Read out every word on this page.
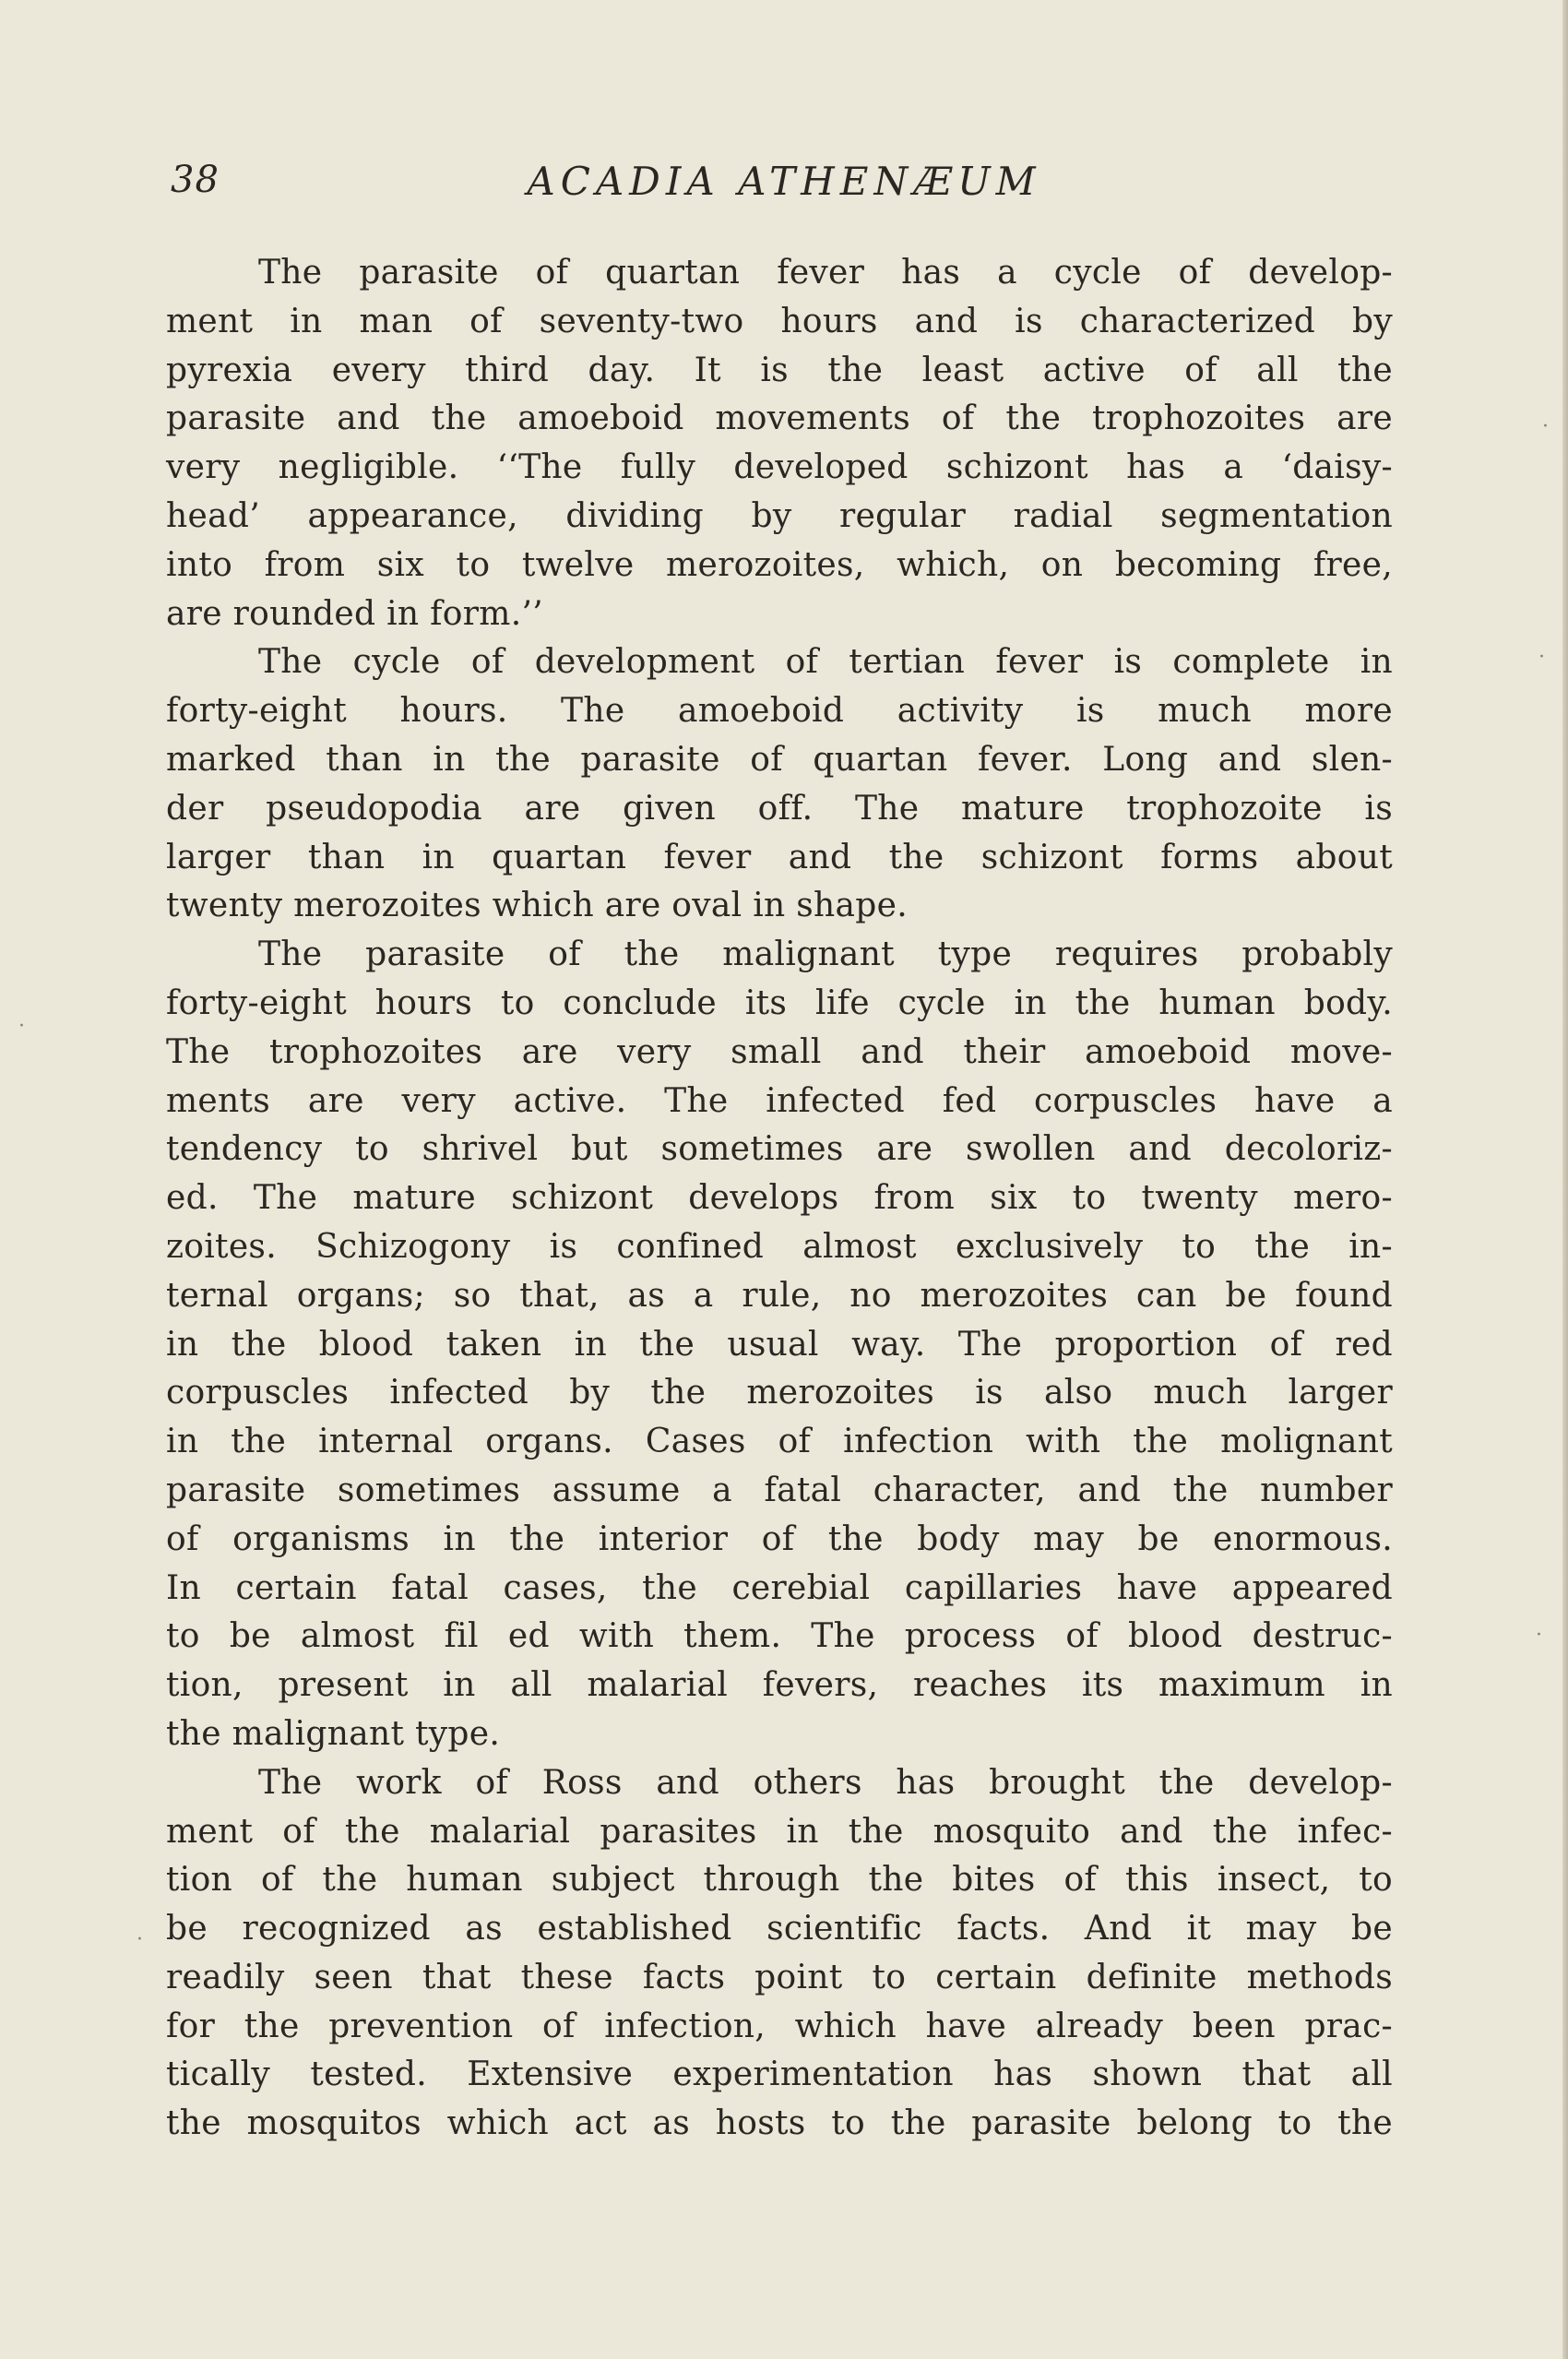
38	ACADIA ATHENÆUM
The parasite of quartan fever has a cycle of develop-
ment in man of seventy-two hours and is characterized by
pyrexia every third day. It is the least active of all the
parasite and the amoeboid movements of the trophozoites are
very negligible. ‘‘The fully developed schizont has a ‘daisy-
head’ appearance, dividing by regular radial segmentation
into from six to twelve merozoites, which, on becoming free,
are rounded in form.’’
The cycle of development of tertian fever is complete in
forty-eight hours. The amoeboid activity is much more
marked than in the parasite of quartan fever. Long and slen-
der pseudopodia are given off. The mature trophozoite is
larger than in quartan fever and the schizont forms about
twenty merozoites which are oval in shape.
The parasite of the malignant type requires probably
forty-eight hours to conclude its life cycle in the human body.
The trophozoites are very small and their amoeboid move-
ments are very active. The infected fed corpuscles have a
tendency to shrivel but sometimes are swollen and decoloriz-
ed. The mature schizont develops from six to twenty mero-
zoites. Schizogony is confined almost exclusively to the in-
ternal organs; so that, as a rule, no merozoites can be found
in the blood taken in the usual way. The proportion of red
corpuscles infected by the merozoites is also much larger
in the internal organs. Cases of infection with the molignant
parasite sometimes assume a fatal character, and the number
of organisms in the interior of the body may be enormous.
In certain fatal cases, the cerebial capillaries have appeared
to be almost fil ed with them. The process of blood destruc-
tion, present in all malarial fevers, reaches its maximum in
the malignant type.
The work of Ross and others has brought the develop-
ment of the malarial parasites in the mosquito and the infec-
tion of the human subject through the bites of this insect, to
be recognized as established scientific facts. And it may be
readily seen that these facts point to certain definite methods
for the prevention of infection, which have already been prac-
tically tested. Extensive experimentation has shown that all
the mosquitos which act as hosts to the parasite belong to the
·
·
·
·
·
